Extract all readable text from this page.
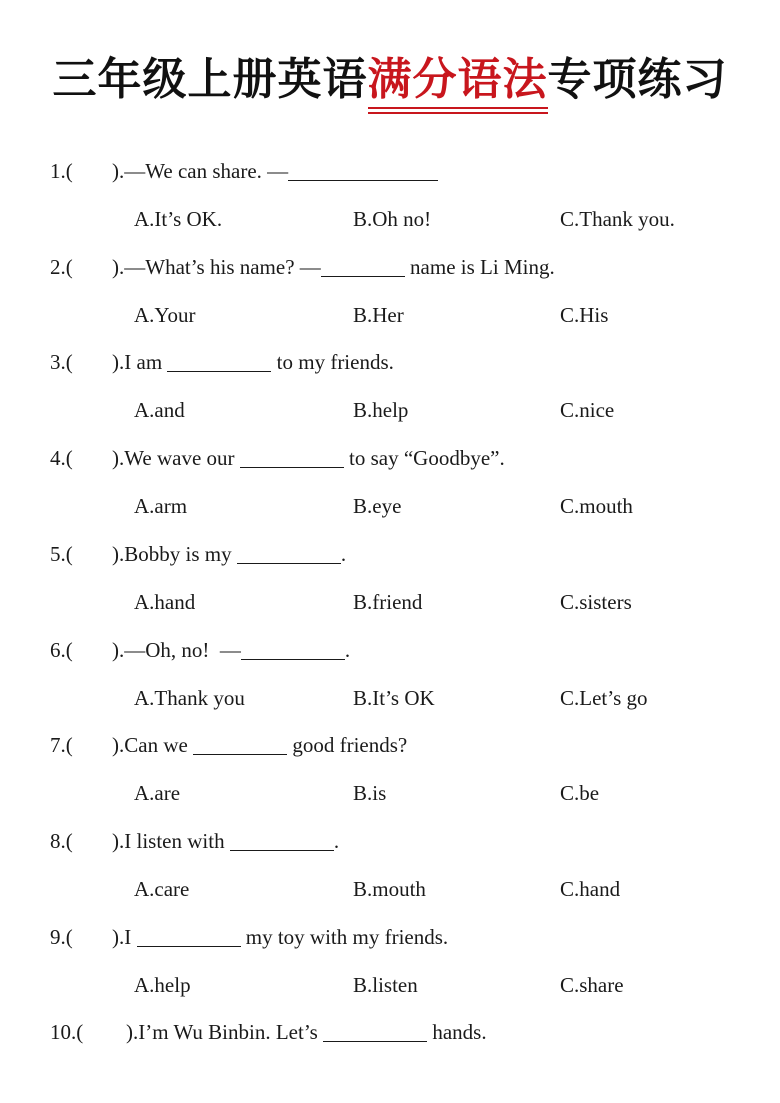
三年级上册英语满分语法专项练习
1.( ).—We can share. —
A.It’s OK.	B.Oh no!	C.Thank you.
2.( ).—What’s his name? —	name is Li Ming.
A.Your	B.Her	C.His
3.( ).I am	to my friends.
A.and	B.help	C.nice
4.( ).We wave our	to say “Goodbye”.
A.arm	B.eye	C.mouth
5.( ).Bobby is my	.
A.hand	B.friend	C.sisters
6.( ).—Oh, no!  —	.
A.Thank you	B.It’s OK	C.Let’s go
7.( ).Can we	good friends?
A.are	B.is	C.be
8.( ).I listen with	.
A.care	B.mouth	C.hand
9.( ).I	my toy with my friends.
A.help	B.listen	C.share
10.( ).I’m Wu Binbin. Let’s	hands.
